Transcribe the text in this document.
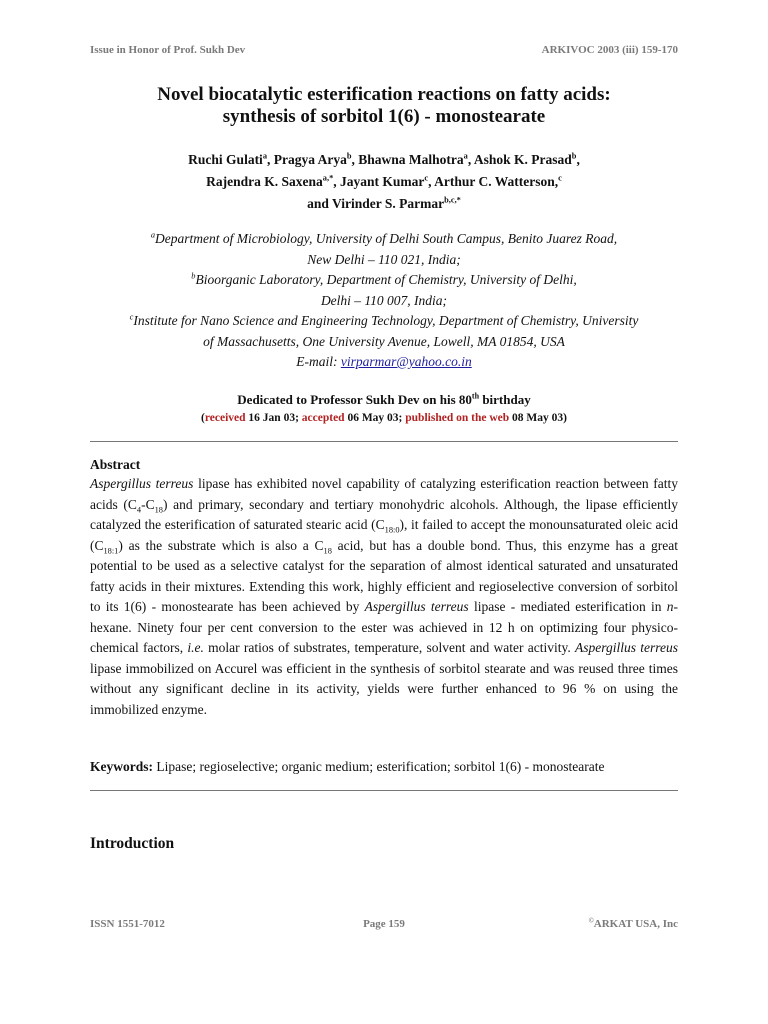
Issue in Honor of Prof. Sukh Dev	ARKIVOC 2003 (iii) 159-170
Novel biocatalytic esterification reactions on fatty acids:
synthesis of sorbitol 1(6) - monostearate
Ruchi Gulati$^a$, Pragya Arya$^b$, Bhawna Malhotra$^a$, Ashok K. Prasad$^b$,
Rajendra K. Saxena$^{a,*}$, Jayant Kumar$^c$, Arthur C. Watterson,$^c$
and Virinder S. Parmar$^{b,c,*}$
$^a$Department of Microbiology, University of Delhi South Campus, Benito Juarez Road,
New Delhi – 110 021, India;
$^b$Bioorganic Laboratory, Department of Chemistry, University of Delhi,
Delhi – 110 007, India;
$^c$Institute for Nano Science and Engineering Technology, Department of Chemistry, University
of Massachusetts, One University Avenue, Lowell, MA 01854, USA
E-mail: virparmar@yahoo.co.in
Dedicated to Professor Sukh Dev on his 80th birthday
(received 16 Jan 03; accepted 06 May 03; published on the web 08 May 03)
Abstract
Aspergillus terreus lipase has exhibited novel capability of catalyzing esterification reaction between fatty acids $(C_4-C_{18})$ and primary, secondary and tertiary monohydric alcohols. Although, the lipase efficiently catalyzed the esterification of saturated stearic acid $(C_{18:0})$, it failed to accept the monounsaturated oleic acid $(C_{18:1})$ as the substrate which is also a $C_{18}$ acid, but has a double bond. Thus, this enzyme has a great potential to be used as a selective catalyst for the separation of almost identical saturated and unsaturated fatty acids in their mixtures. Extending this work, highly efficient and regioselective conversion of sorbitol to its 1(6) - monostearate has been achieved by Aspergillus terreus lipase - mediated esterification in n-hexane. Ninety four per cent conversion to the ester was achieved in 12 h on optimizing four physico-chemical factors, i.e. molar ratios of substrates, temperature, solvent and water activity. Aspergillus terreus lipase immobilized on Accurel was efficient in the synthesis of sorbitol stearate and was reused three times without any significant decline in its activity, yields were further enhanced to 96 % on using the immobilized enzyme.
Keywords: Lipase; regioselective; organic medium; esterification; sorbitol 1(6) - monostearate
Introduction
ISSN 1551-7012	Page 159	©ARKAT USA, Inc
